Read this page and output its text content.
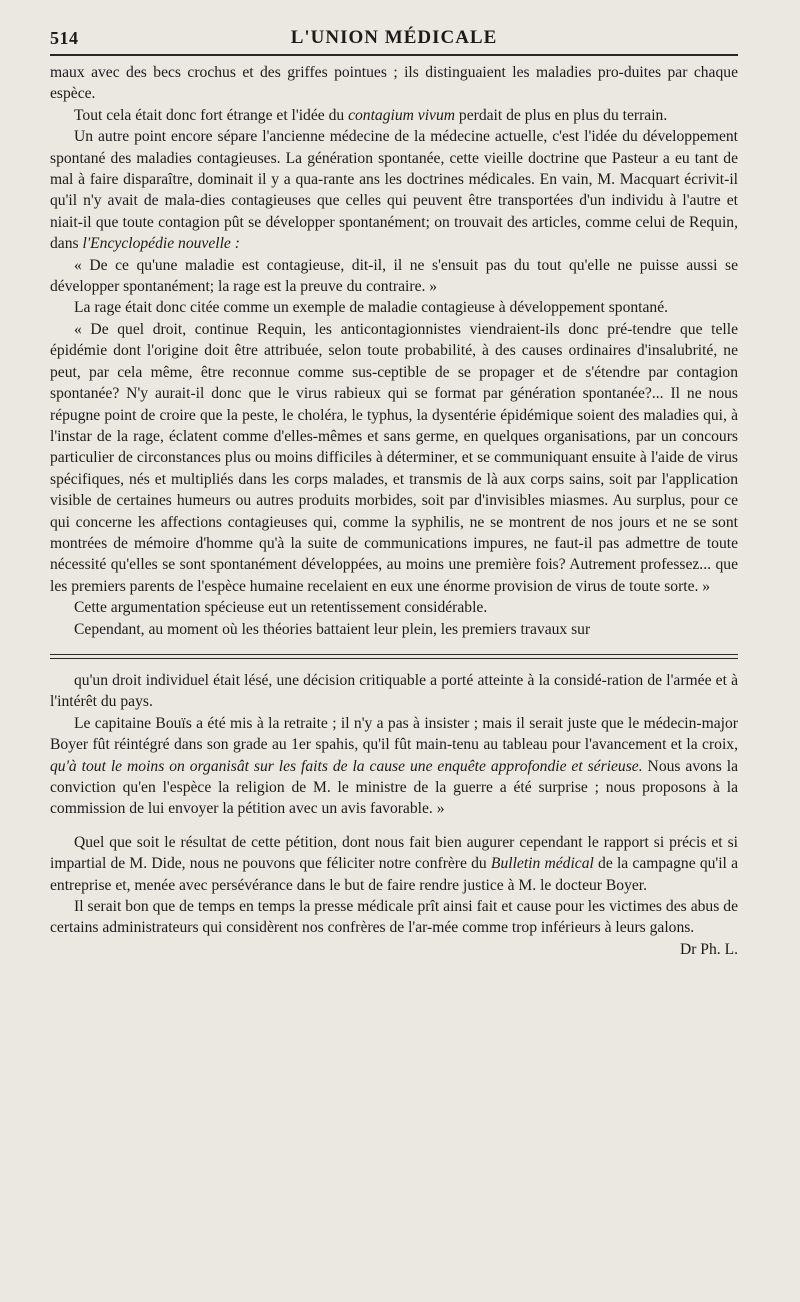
514	L'UNION MÉDICALE

maux avec des becs crochus et des griffes pointues ; ils distinguaient les maladies pro-duites par chaque espèce.

Tout cela était donc fort étrange et l'idée du contagium vivum perdait de plus en plus du terrain.

Un autre point encore sépare l'ancienne médecine de la médecine actuelle, c'est l'idée du développement spontané des maladies contagieuses. La génération spontanée, cette vieille doctrine que Pasteur a eu tant de mal à faire disparaître, dominait il y a qua-rante ans les doctrines médicales. En vain, M. Macquart écrivit-il qu'il n'y avait de mala-dies contagieuses que celles qui peuvent être transportées d'un individu à l'autre et niait-il que toute contagion pût se développer spontanément; on trouvait des articles, comme celui de Requin, dans l'Encyclopédie nouvelle :

« De ce qu'une maladie est contagieuse, dit-il, il ne s'ensuit pas du tout qu'elle ne puisse aussi se développer spontanément; la rage est la preuve du contraire. »

La rage était donc citée comme un exemple de maladie contagieuse à développement spontané.

« De quel droit, continue Requin, les anticontagionnistes viendraient-ils donc pré-tendre que telle épidémie dont l'origine doit être attribuée, selon toute probabilité, à des causes ordinaires d'insalubrité, ne peut, par cela même, être reconnue comme sus-ceptible de se propager et de s'étendre par contagion spontanée? N'y aurait-il donc que le virus rabieux qui se format par génération spontanée?... Il ne nous répugne point de croire que la peste, le choléra, le typhus, la dysentérie épidémique soient des maladies qui, à l'instar de la rage, éclatent comme d'elles-mêmes et sans germe, en quelques organisations, par un concours particulier de circonstances plus ou moins difficiles à déterminer, et se communiquant ensuite à l'aide de virus spécifiques, nés et multipliés dans les corps malades, et transmis de là aux corps sains, soit par l'application visible de certaines humeurs ou autres produits morbides, soit par d'invisibles miasmes. Au surplus, pour ce qui concerne les affections contagieuses qui, comme la syphilis, ne se montrent de nos jours et ne se sont montrées de mémoire d'homme qu'à la suite de communications impures, ne faut-il pas admettre de toute nécessité qu'elles se sont spontanément développées, au moins une première fois? Autrement professez... que les premiers parents de l'espèce humaine recelaient en eux une énorme provision de virus de toute sorte. »

Cette argumentation spécieuse eut un retentissement considérable.

Cependant, au moment où les théories battaient leur plein, les premiers travaux sur

qu'un droit individuel était lésé, une décision critiquable a porté atteinte à la considé-ration de l'armée et à l'intérêt du pays.

Le capitaine Bouïs a été mis à la retraite ; il n'y a pas à insister ; mais il serait juste que le médecin-major Boyer fût réintégré dans son grade au 1er spahis, qu'il fût main-tenu au tableau pour l'avancement et la croix, qu'à tout le moins on organisât sur les faits de la cause une enquête approfondie et sérieuse. Nous avons la conviction qu'en l'espèce la religion de M. le ministre de la guerre a été surprise ; nous proposons à la commission de lui envoyer la pétition avec un avis favorable. »

Quel que soit le résultat de cette pétition, dont nous fait bien augurer cependant le rapport si précis et si impartial de M. Dide, nous ne pouvons que féliciter notre confrère du Bulletin médical de la campagne qu'il a entreprise et, menée avec persévérance dans le but de faire rendre justice à M. le docteur Boyer.

Il serait bon que de temps en temps la presse médicale prît ainsi fait et cause pour les victimes des abus de certains administrateurs qui considèrent nos confrères de l'ar-mée comme trop inférieurs à leurs galons.
Dr Ph. L.
